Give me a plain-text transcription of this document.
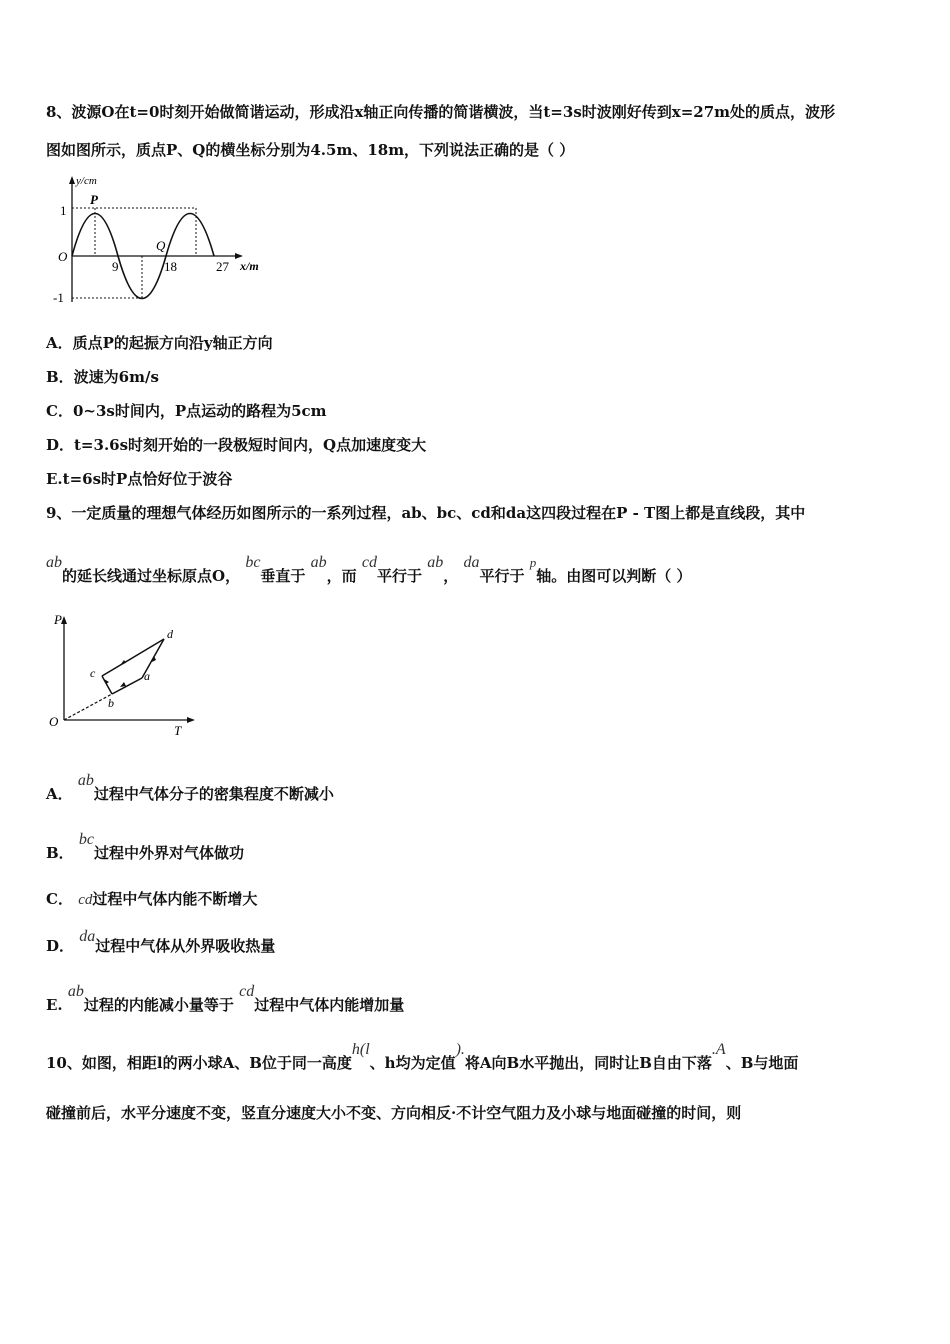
8、波源O在t=0时刻开始做简谐运动，形成沿x轴正向传播的简谐横波，当t=3s时波刚好传到x=27m处的质点，波形
图如图所示，质点P、Q的横坐标分别为4.5m、18m，下列说法正确的是（ ）
y/cm
x/m
O
1
-1
9	18	27
P
Q
A．质点P的起振方向沿y轴正方向
B．波速为6m/s
C．0~3s时间内，P点运动的路程为5cm
D．t=3.6s时刻开始的一段极短时间内，Q点加速度变大
E.t=6s时P点恰好位于波谷
9、一定质量的理想气体经历如图所示的一系列过程，ab、bc、cd和da这四段过程在P - T图上都是直线段，其中
ab的延长线通过坐标原点O， bc垂直于 ab，而 cd平行于 ab， da平行于 p轴。由图可以判断（ ）
P
T
O
a
b
c
d
A． ab过程中气体分子的密集程度不断减小
B． bc过程中外界对气体做功
C． cd过程中气体内能不断增大
D． da过程中气体从外界吸收热量
E. ab过程的内能减小量等于 cd过程中气体内能增加量
10、如图，相距l的两小球A、B位于同一高度h(l、h均为定值).将A向B水平抛出，同时让B自由下落.A、B与地面
碰撞前后，水平分速度不变，竖直分速度大小不变、方向相反·不计空气阻力及小球与地面碰撞的时间，则
